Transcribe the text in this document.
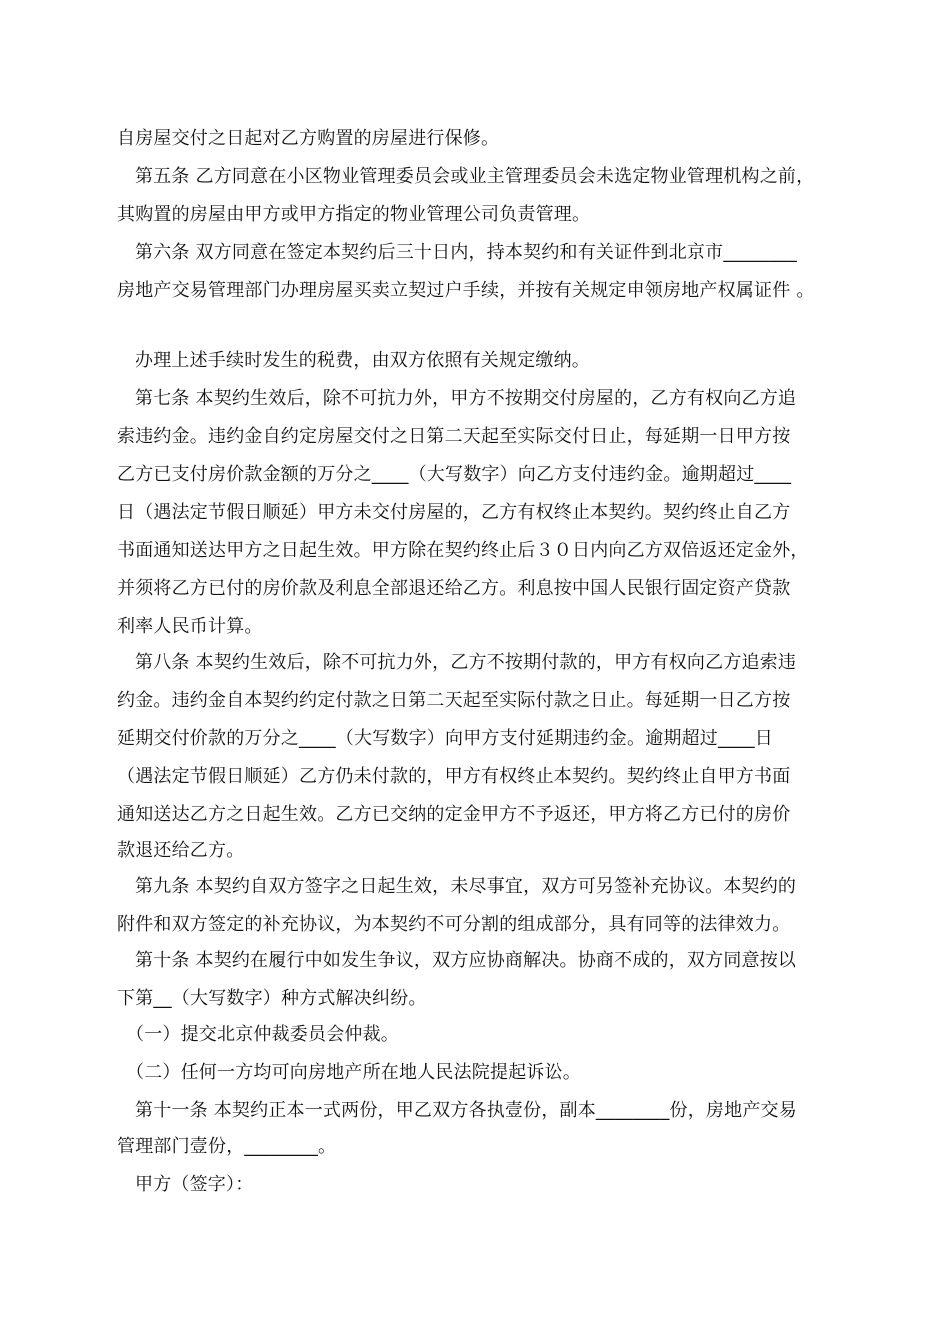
自房屋交付之日起对乙方购置的房屋进行保修。
第五条 乙方同意在小区物业管理委员会或业主管理委员会未选定物业管理机构之前，
其购置的房屋由甲方或甲方指定的物业管理公司负责管理。
第六条 双方同意在签定本契约后三十日内，持本契约和有关证件到北京市________
房地产交易管理部门办理房屋买卖立契过户手续，并按有关规定申领房地产权属证件 。
办理上述手续时发生的税费，由双方依照有关规定缴纳。
第七条 本契约生效后，除不可抗力外，甲方不按期交付房屋的，乙方有权向乙方追
索违约金。违约金自约定房屋交付之日第二天起至实际交付日止，每延期一日甲方按
乙方已支付房价款金额的万分之____（大写数字）向乙方支付违约金。逾期超过____
日（遇法定节假日顺延）甲方未交付房屋的，乙方有权终止本契约。契约终止自乙方
书面通知送达甲方之日起生效。甲方除在契约终止后３０日内向乙方双倍返还定金外，
并须将乙方已付的房价款及利息全部退还给乙方。利息按中国人民银行固定资产贷款
利率人民币计算。
第八条 本契约生效后，除不可抗力外，乙方不按期付款的，甲方有权向乙方追索违
约金。违约金自本契约约定付款之日第二天起至实际付款之日止。每延期一日乙方按
延期交付价款的万分之____（大写数字）向甲方支付延期违约金。逾期超过____日
（遇法定节假日顺延）乙方仍未付款的，甲方有权终止本契约。契约终止自甲方书面
通知送达乙方之日起生效。乙方已交纳的定金甲方不予返还，甲方将乙方已付的房价
款退还给乙方。
第九条 本契约自双方签字之日起生效，未尽事宜，双方可另签补充协议。本契约的
附件和双方签定的补充协议，为本契约不可分割的组成部分，具有同等的法律效力。
第十条 本契约在履行中如发生争议，双方应协商解决。协商不成的，双方同意按以
下第__（大写数字）种方式解决纠纷。
（一）提交北京仲裁委员会仲裁。
（二）任何一方均可向房地产所在地人民法院提起诉讼。
第十一条 本契约正本一式两份，甲乙双方各执壹份，副本________份，房地产交易
管理部门壹份，________。
甲方（签字）：
